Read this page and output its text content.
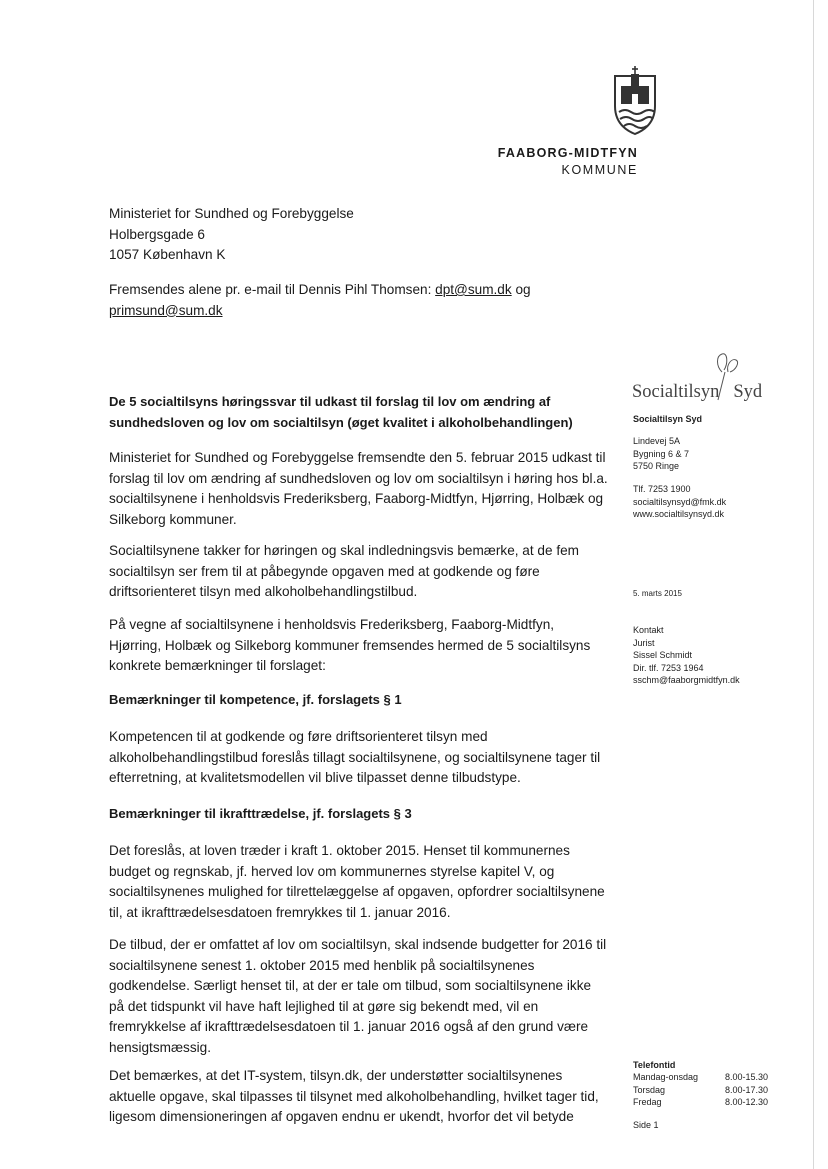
FAABORG-MIDTFYN
KOMMUNE
Ministeriet for Sundhed og Forebyggelse
Holbergsgade 6
1057 København K
Fremsendes alene pr. e-mail til Dennis Pihl Thomsen: dpt@sum.dk og
primsund@sum.dk
De 5 socialtilsyns høringssvar til udkast til forslag til lov om ændring af
sundhedsloven og lov om socialtilsyn (øget kvalitet i alkoholbehandlingen)
Ministeriet for Sundhed og Forebyggelse fremsendte den 5. februar 2015 udkast til
forslag til lov om ændring af sundhedsloven og lov om socialtilsyn i høring hos bl.a.
socialtilsynene i henholdsvis Frederiksberg, Faaborg-Midtfyn, Hjørring, Holbæk og
Silkeborg kommuner.
Socialtilsynene takker for høringen og skal indledningsvis bemærke, at de fem
socialtilsyn ser frem til at påbegynde opgaven med at godkende og føre
driftsorienteret tilsyn med alkoholbehandlingstilbud.
På vegne af socialtilsynene i henholdsvis Frederiksberg, Faaborg-Midtfyn,
Hjørring, Holbæk og Silkeborg kommuner fremsendes hermed de 5 socialtilsyns
konkrete bemærkninger til forslaget:
Bemærkninger til kompetence, jf. forslagets § 1
Kompetencen til at godkende og føre driftsorienteret tilsyn med
alkoholbehandlingstilbud foreslås tillagt socialtilsynene, og socialtilsynene tager til
efterretning, at kvalitetsmodellen vil blive tilpasset denne tilbudstype.
Bemærkninger til ikrafttrædelse, jf. forslagets § 3
Det foreslås, at loven træder i kraft 1. oktober 2015. Henset til kommunernes
budget og regnskab, jf. herved lov om kommunernes styrelse kapitel V, og
socialtilsynenes mulighed for tilrettelæggelse af opgaven, opfordrer socialtilsynene
til, at ikrafttrædelsesdatoen fremrykkes til 1. januar 2016.
De tilbud, der er omfattet af lov om socialtilsyn, skal indsende budgetter for 2016 til
socialtilsynene senest 1. oktober 2015 med henblik på socialtilsynenes
godkendelse. Særligt henset til, at der er tale om tilbud, som socialtilsynene ikke
på det tidspunkt vil have haft lejlighed til at gøre sig bekendt med, vil en
fremrykkelse af ikrafttrædelsesdatoen til 1. januar 2016 også af den grund være
hensigtsmæssig.
Det bemærkes, at det IT-system, tilsyn.dk, der understøtter socialtilsynenes
aktuelle opgave, skal tilpasses til tilsynet med alkoholbehandling, hvilket tager tid,
ligesom dimensioneringen af opgaven endnu er ukendt, hvorfor det vil betyde
Socialtilsyn Syd
Socialtilsyn Syd
Lindevej 5A
Bygning 6 & 7
5750 Ringe
Tlf. 7253 1900
socialtilsynsyd@fmk.dk
www.socialtilsynsyd.dk
5. marts 2015
Kontakt
Jurist
Sissel Schmidt
Dir. tlf. 7253 1964
sschm@faaborgmidtfyn.dk
Telefontid
Mandag-onsdag	8.00-15.30
Torsdag	8.00-17.30
Fredag	8.00-12.30
Side 1
